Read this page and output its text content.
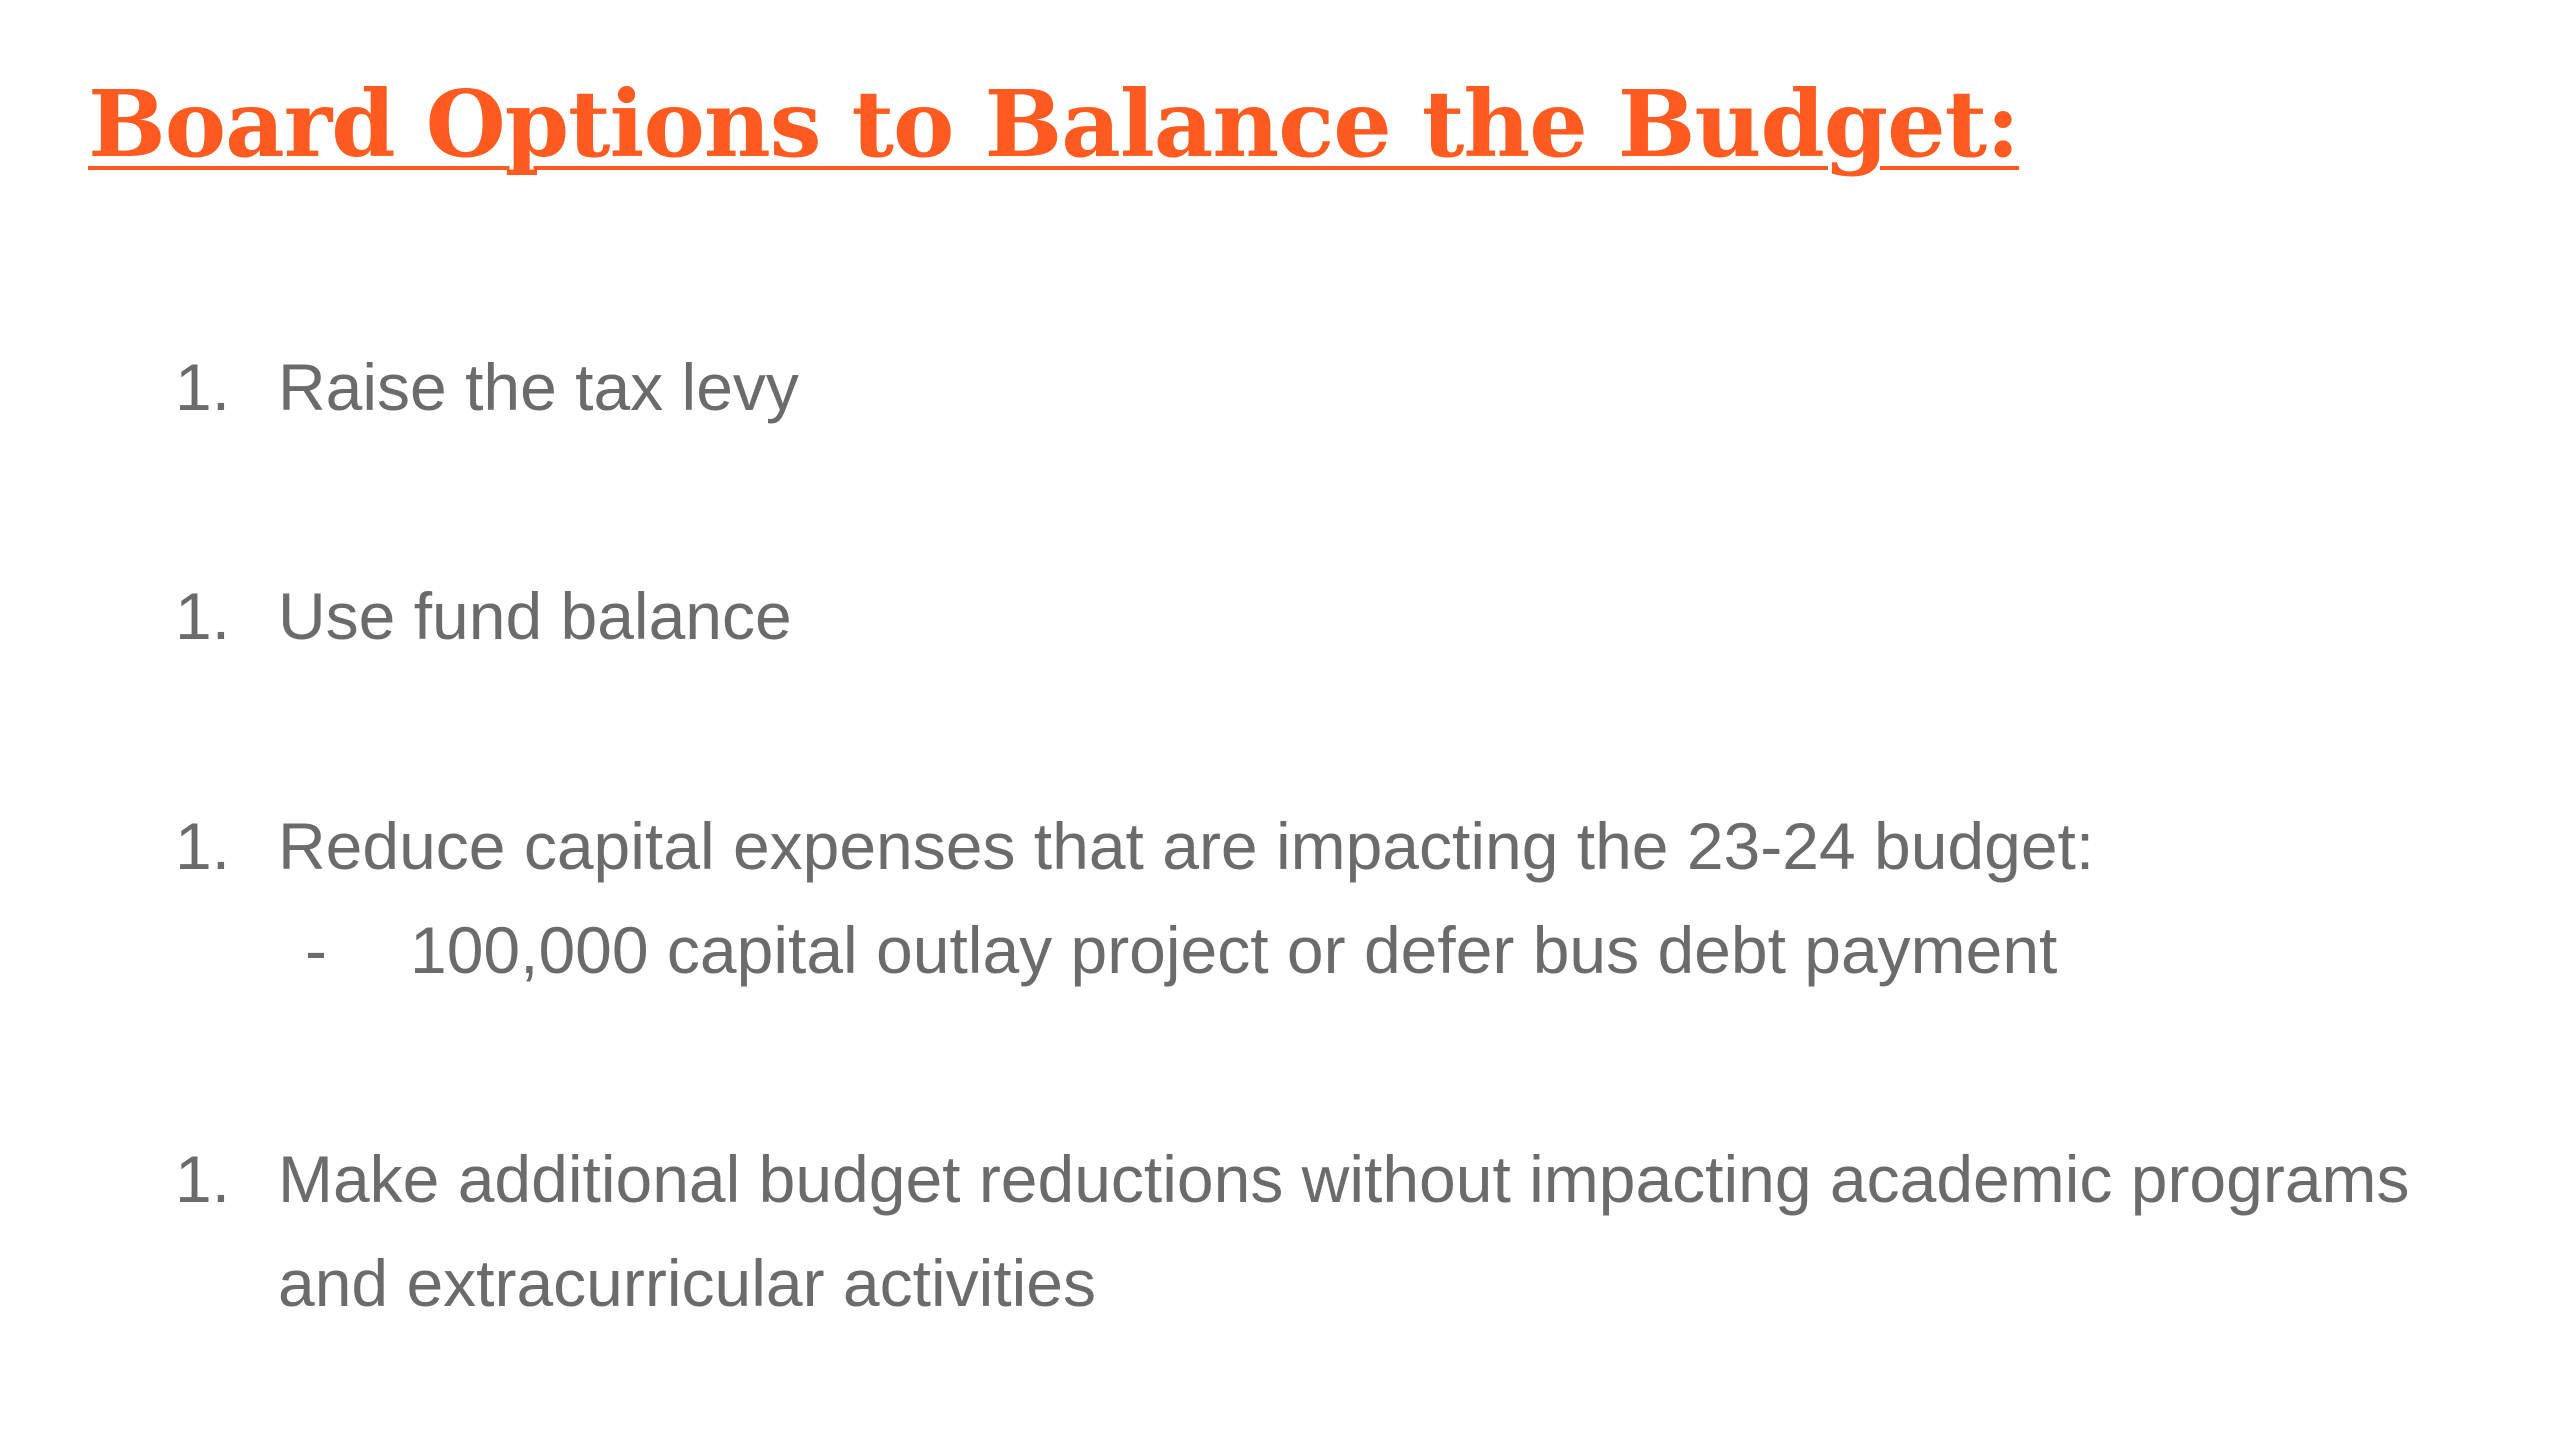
Board Options to Balance the Budget:
1. Raise the tax levy
1. Use fund balance
1. Reduce capital expenses that are impacting the 23-24 budget:
- 100,000 capital outlay project or defer bus debt payment
1. Make additional budget reductions without impacting academic programs and extracurricular activities
